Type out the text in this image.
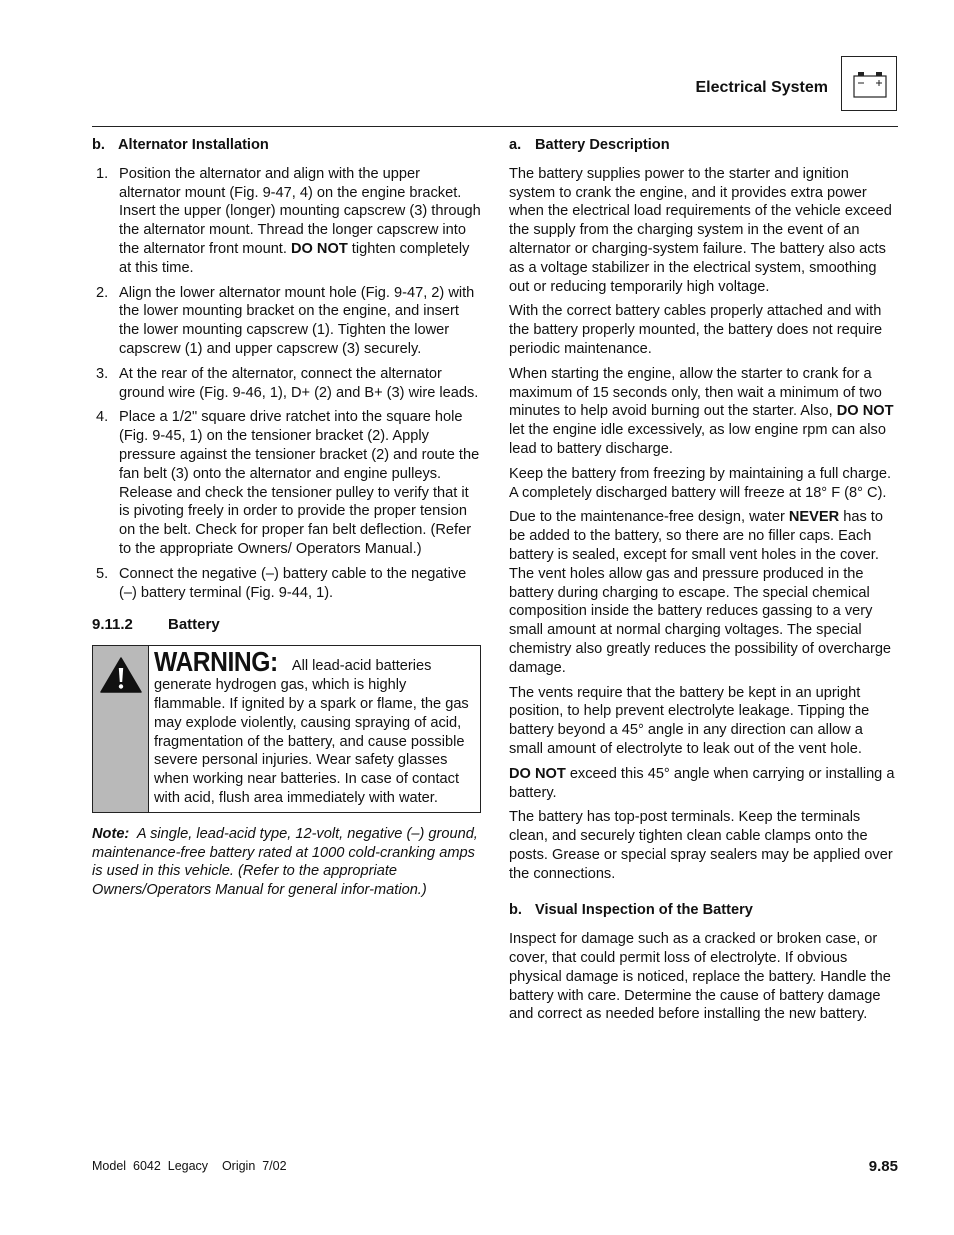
Electrical System
b. Alternator Installation
1. Position the alternator and align with the upper alternator mount (Fig. 9-47, 4) on the engine bracket. Insert the upper (longer) mounting capscrew (3) through the alternator mount. Thread the longer capscrew into the alternator front mount. DO NOT tighten completely at this time.
2. Align the lower alternator mount hole (Fig. 9-47, 2) with the lower mounting bracket on the engine, and insert the lower mounting capscrew (1). Tighten the lower capscrew (1) and upper capscrew (3) securely.
3. At the rear of the alternator, connect the alternator ground wire (Fig. 9-46, 1), D+ (2) and B+ (3) wire leads.
4. Place a 1/2" square drive ratchet into the square hole (Fig. 9-45, 1) on the tensioner bracket (2). Apply pressure against the tensioner bracket (2) and route the fan belt (3) onto the alternator and engine pulleys. Release and check the tensioner pulley to verify that it is pivoting freely in order to provide the proper tension on the belt. Check for proper fan belt deflection. (Refer to the appropriate Owners/ Operators Manual.)
5. Connect the negative (–) battery cable to the negative (–) battery terminal (Fig. 9-44, 1).
9.11.2 Battery
WARNING: All lead-acid batteries generate hydrogen gas, which is highly flammable. If ignited by a spark or flame, the gas may explode violently, causing spraying of acid, fragmentation of the battery, and cause possible severe personal injuries. Wear safety glasses when working near batteries. In case of contact with acid, flush area immediately with water.
Note: A single, lead-acid type, 12-volt, negative (–) ground, maintenance-free battery rated at 1000 cold-cranking amps is used in this vehicle. (Refer to the appropriate Owners/Operators Manual for general infor-mation.)
a. Battery Description

The battery supplies power to the starter and ignition system to crank the engine, and it provides extra power when the electrical load requirements of the vehicle exceed the supply from the charging system in the event of an alternator or charging-system failure. The battery also acts as a voltage stabilizer in the electrical system, smoothing out or reducing temporarily high voltage.

With the correct battery cables properly attached and with the battery properly mounted, the battery does not require periodic maintenance.

When starting the engine, allow the starter to crank for a maximum of 15 seconds only, then wait a minimum of two minutes to help avoid burning out the starter. Also, DO NOT let the engine idle excessively, as low engine rpm can also lead to battery discharge.

Keep the battery from freezing by maintaining a full charge. A completely discharged battery will freeze at 18° F (8° C).

Due to the maintenance-free design, water NEVER has to be added to the battery, so there are no filler caps. Each battery is sealed, except for small vent holes in the cover. The vent holes allow gas and pressure produced in the battery during charging to escape. The special chemical composition inside the battery reduces gassing to a very small amount at normal charging voltages. The special chemistry also greatly reduces the possibility of overcharge damage.

The vents require that the battery be kept in an upright position, to help prevent electrolyte leakage. Tipping the battery beyond a 45° angle in any direction can allow a small amount of electrolyte to leak out of the vent hole.

DO NOT exceed this 45° angle when carrying or installing a battery.

The battery has top-post terminals. Keep the terminals clean, and securely tighten clean cable clamps onto the posts. Grease or special spray sealers may be applied over the connections.

b. Visual Inspection of the Battery

Inspect for damage such as a cracked or broken case, or cover, that could permit loss of electrolyte. If obvious physical damage is noticed, replace the battery. Handle the battery with care. Determine the cause of battery damage and correct as needed before installing the new battery.

Model  6042  Legacy    Origin  7/02	9.85
